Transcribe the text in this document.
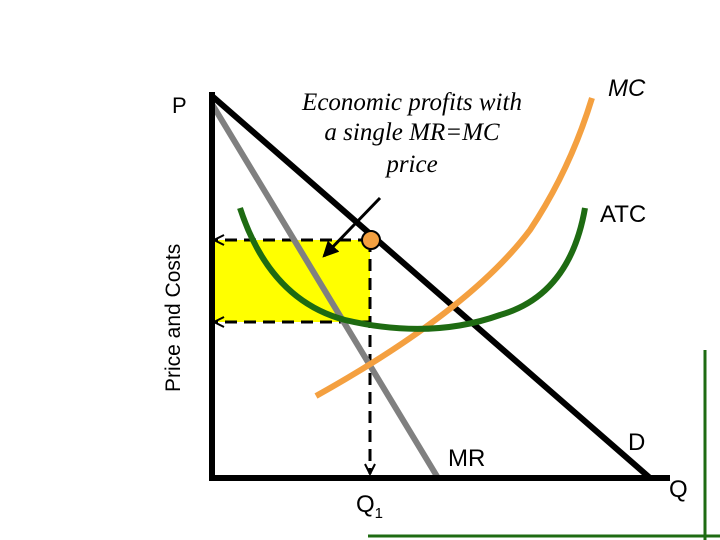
P
Price and Costs
Economic profits with
a single MR=MC
price
MC
ATC
MR
D
Q
$Q_1$
